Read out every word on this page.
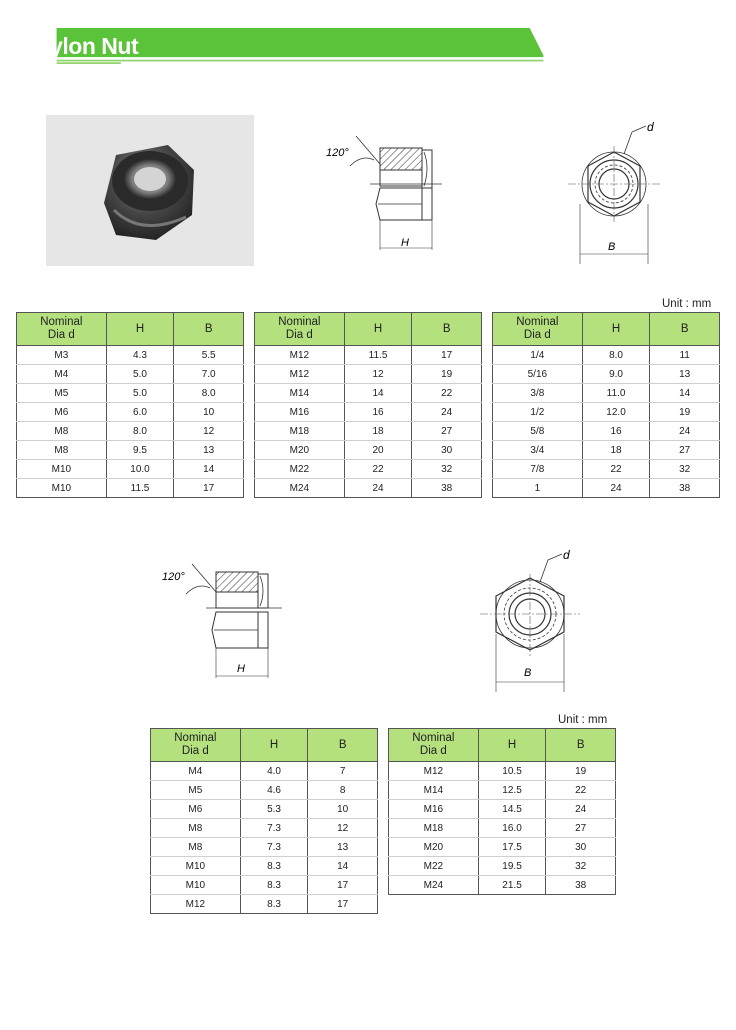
Nylon Nut
120°
H
d
B
Unit : mm
Nominal
Dia d	H	B
M3	4.3	5.5
M4	5.0	7.0
M5	5.0	8.0
M6	6.0	10
M8	8.0	12
M8	9.5	13
M10	10.0	14
M10	11.5	17
Nominal
Dia d	H	B
M12	11.5	17
M12	12	19
M14	14	22
M16	16	24
M18	18	27
M20	20	30
M22	22	32
M24	24	38
Nominal
Dia d	H	B
1/4	8.0	11
5/16	9.0	13
3/8	11.0	14
1/2	12.0	19
5/8	16	24
3/4	18	27
7/8	22	32
1	24	38
120°
H
d
B
Unit : mm
Nominal
Dia d	H	B
M4	4.0	7
M5	4.6	8
M6	5.3	10
M8	7.3	12
M8	7.3	13
M10	8.3	14
M10	8.3	17
M12	8.3	17
Nominal
Dia d	H	B
M12	10.5	19
M14	12.5	22
M16	14.5	24
M18	16.0	27
M20	17.5	30
M22	19.5	32
M24	21.5	38
